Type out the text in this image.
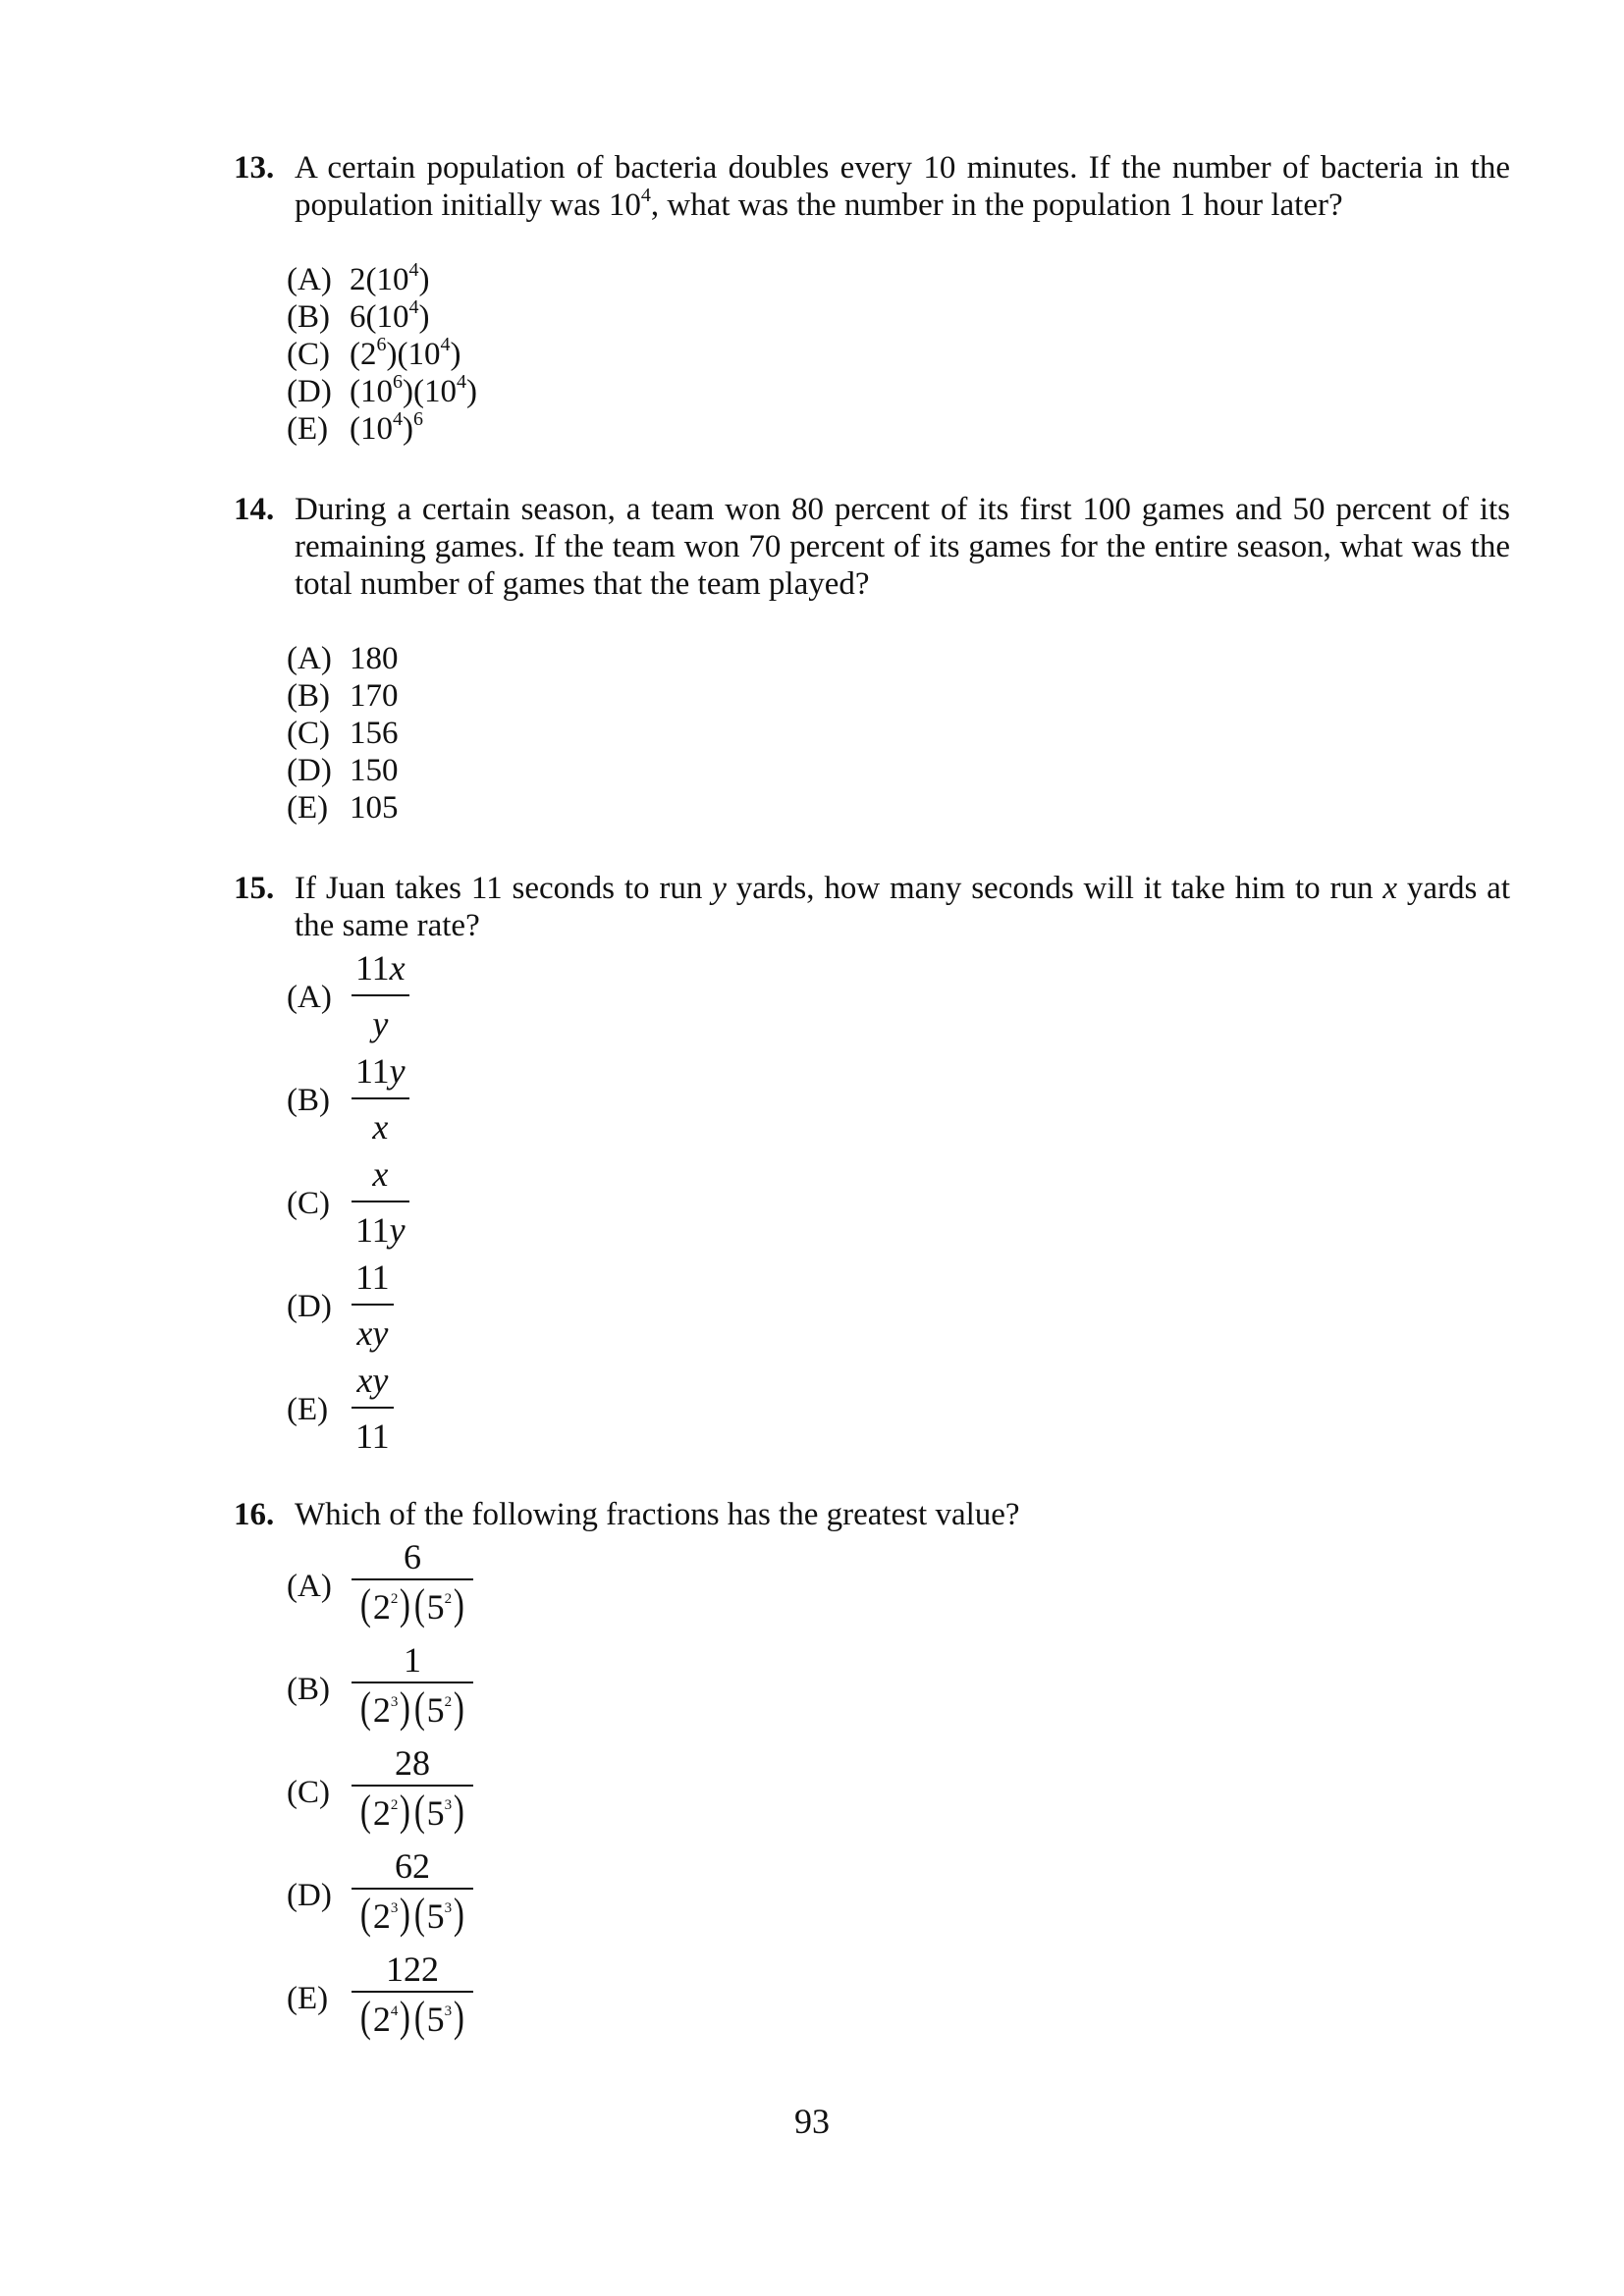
13. A certain population of bacteria doubles every 10 minutes. If the number of bacteria in the population initially was $10^4$, what was the number in the population 1 hour later?
(A) $2(10^4)$
(B) $6(10^4)$
(C) $(2^6)(10^4)$
(D) $(10^6)(10^4)$
(E) $(10^4)^6$
14. During a certain season, a team won 80 percent of its first 100 games and 50 percent of its remaining games. If the team won 70 percent of its games for the entire season, what was the total number of games that the team played?
(A) 180
(B) 170
(C) 156
(D) 150
(E) 105
15. If Juan takes 11 seconds to run y yards, how many seconds will it take him to run x yards at the same rate?
(A)
11x
y
(B)
11y
x
(C)
x
11y
(D)
11
xy
(E)
xy
11
16. Which of the following fractions has the greatest value?
(A)
6
$(2^2)(5^2)$
(B)
1
$(2^3)(5^2)$
(C)
28
$(2^2)(5^3)$
(D)
62
$(2^3)(5^3)$
(E)
122
$(2^4)(5^3)$
93
